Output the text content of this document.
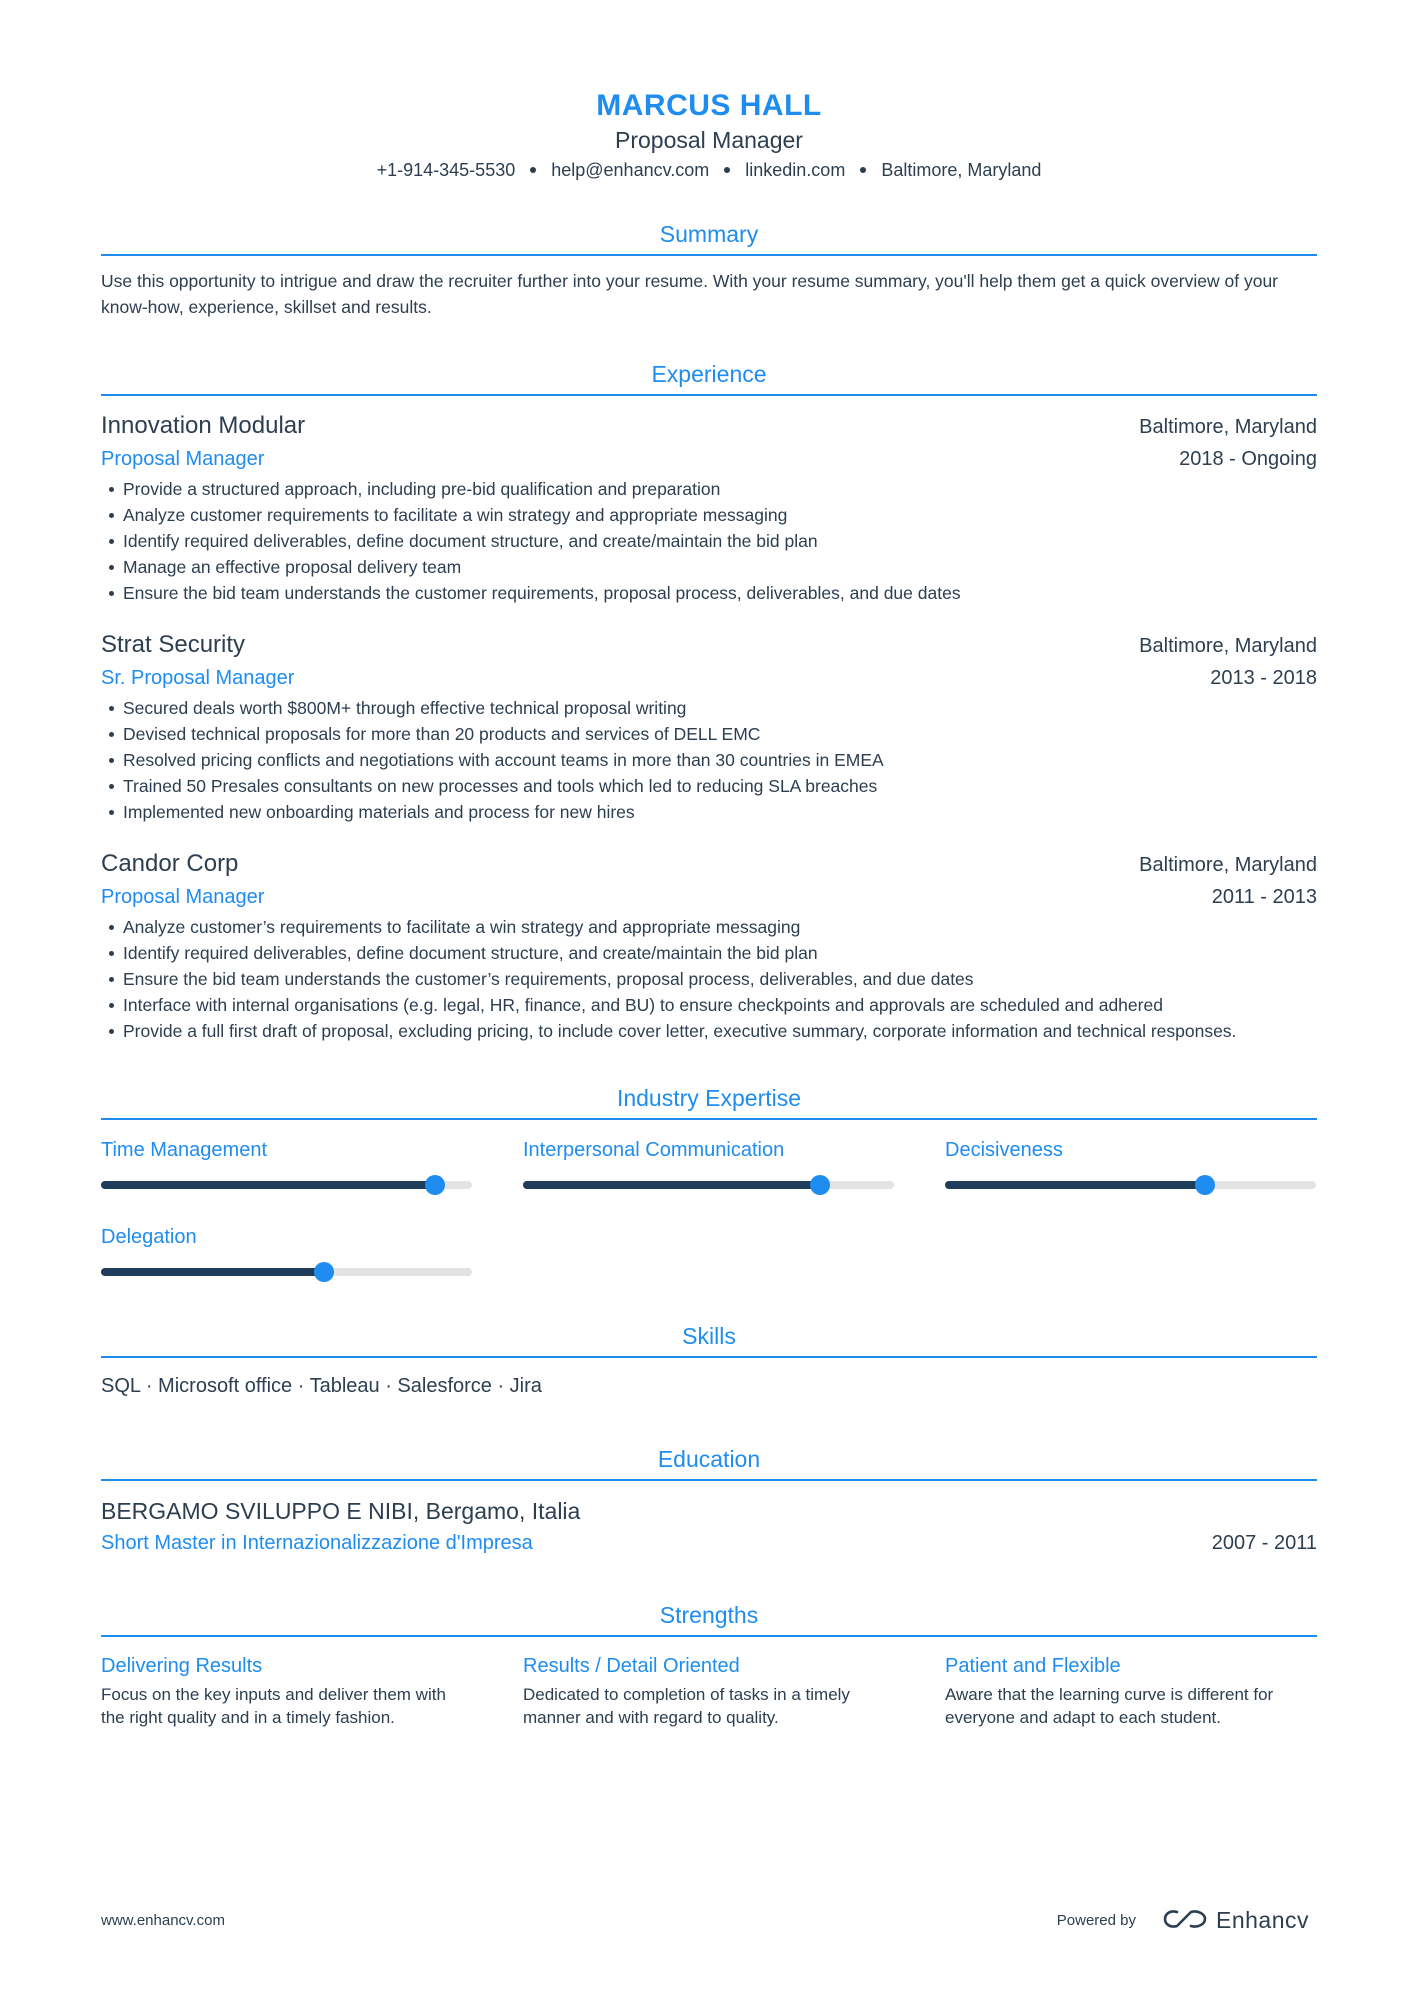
MARCUS HALL
Proposal Manager
+1-914-345-5530 help@enhancv.com linkedin.com Baltimore, Maryland
Summary
Use this opportunity to intrigue and draw the recruiter further into your resume. With your resume summary, you'll help them get a quick overview of your know-how, experience, skillset and results.
Experience
Innovation Modular	Baltimore, Maryland
Proposal Manager	2018 - Ongoing
Provide a structured approach, including pre-bid qualification and preparation
Analyze customer requirements to facilitate a win strategy and appropriate messaging
Identify required deliverables, define document structure, and create/maintain the bid plan
Manage an effective proposal delivery team
Ensure the bid team understands the customer requirements, proposal process, deliverables, and due dates
Strat Security	Baltimore, Maryland
Sr. Proposal Manager	2013 - 2018
Secured deals worth $800M+ through effective technical proposal writing
Devised technical proposals for more than 20 products and services of DELL EMC
Resolved pricing conflicts and negotiations with account teams in more than 30 countries in EMEA
Trained 50 Presales consultants on new processes and tools which led to reducing SLA breaches
Implemented new onboarding materials and process for new hires
Candor Corp	Baltimore, Maryland
Proposal Manager	2011 - 2013
Analyze customer’s requirements to facilitate a win strategy and appropriate messaging
Identify required deliverables, define document structure, and create/maintain the bid plan
Ensure the bid team understands the customer’s requirements, proposal process, deliverables, and due dates
Interface with internal organisations (e.g. legal, HR, finance, and BU) to ensure checkpoints and approvals are scheduled and adhered
Provide a full first draft of proposal, excluding pricing, to include cover letter, executive summary, corporate information and technical responses.
Industry Expertise
Time Management	Interpersonal Communication	Decisiveness
Delegation
Skills
SQL · Microsoft office · Tableau · Salesforce · Jira
Education
BERGAMO SVILUPPO E NIBI, Bergamo, Italia
Short Master in Internazionalizzazione d'Impresa	2007 - 2011
Strengths
Delivering Results
Focus on the key inputs and deliver them with the right quality and in a timely fashion.
Results / Detail Oriented
Dedicated to completion of tasks in a timely manner and with regard to quality.
Patient and Flexible
Aware that the learning curve is different for everyone and adapt to each student.
www.enhancv.com	Powered by	Enhancv
